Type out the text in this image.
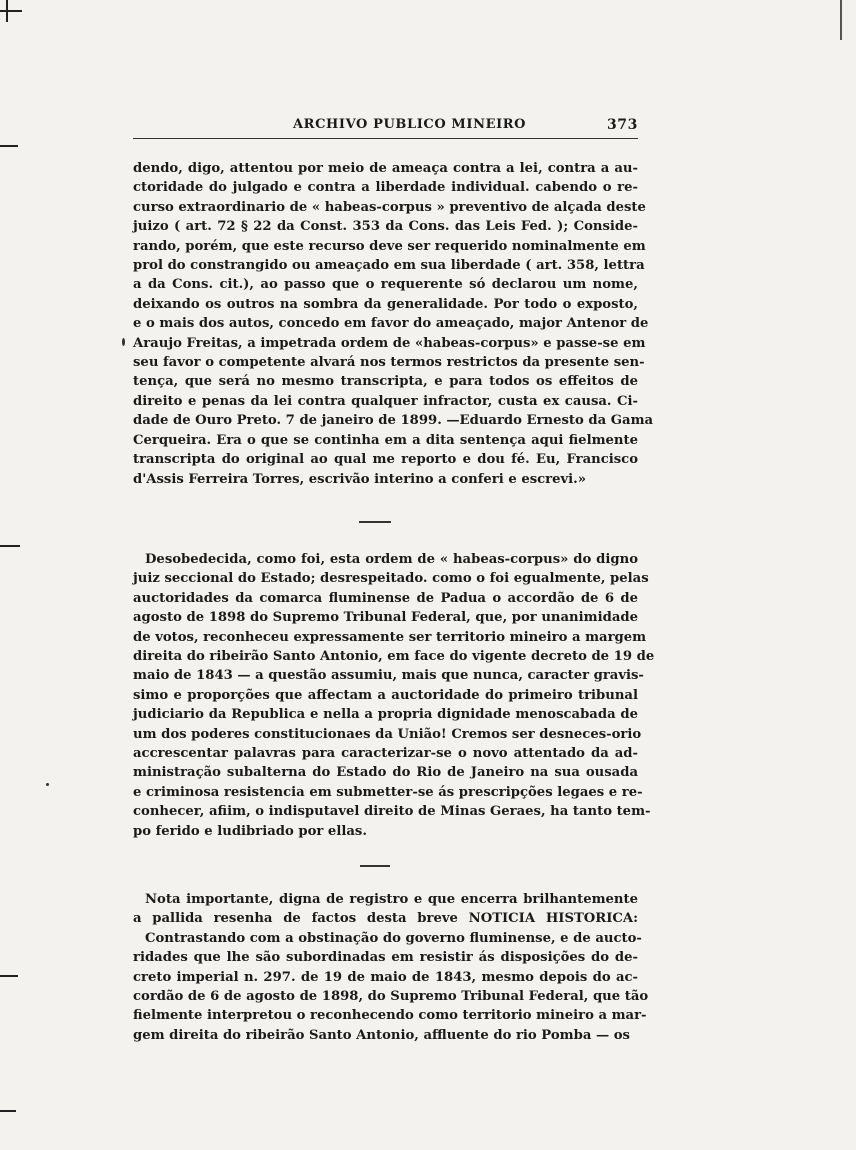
ARCHIVO PUBLICO MINEIRO	373
dendo, digo, attentou por meio de ameaça contra a lei, contra a au-
ctoridade do julgado e contra a liberdade individual. cabendo o re-
curso extraordinario de « habeas-corpus » preventivo de alçada deste
juizo ( art. 72 § 22 da Const. 353 da Cons. das Leis Fed. ); Conside-
rando, porém, que este recurso deve ser requerido nominalmente em
prol do constrangido ou ameaçado em sua liberdade ( art. 358, lettra
a da Cons. cit.), ao passo que o requerente só declarou um nome,
deixando os outros na sombra da generalidade. Por todo o exposto,
e o mais dos autos, concedo em favor do ameaçado, major Antenor de
Araujo Freitas, a impetrada ordem de «habeas-corpus» e passe-se em
seu favor o competente alvará nos termos restrictos da presente sen-
tença, que será no mesmo transcripta, e para todos os effeitos de
direito e penas da lei contra qualquer infractor, custa ex causa. Ci-
dade de Ouro Preto. 7 de janeiro de 1899. —Eduardo Ernesto da Gama
Cerqueira. Era o que se continha em a dita sentença aqui fielmente
transcripta do original ao qual me reporto e dou fé. Eu, Francisco
d'Assis Ferreira Torres, escrivão interino a conferi e escrevi.»
Desobedecida, como foi, esta ordem de « habeas-corpus» do digno
juiz seccional do Estado; desrespeitado. como o foi egualmente, pelas
auctoridades da comarca fluminense de Padua o accordão de 6 de
agosto de 1898 do Supremo Tribunal Federal, que, por unanimidade
de votos, reconheceu expressamente ser territorio mineiro a margem
direita do ribeirão Santo Antonio, em face do vigente decreto de 19 de
maio de 1843 — a questão assumiu, mais que nunca, caracter gravis-
simo e proporções que affectam a auctoridade do primeiro tribunal
judiciario da Republica e nella a propria dignidade menoscabada de
um dos poderes constitucionaes da União! Cremos ser desneces-orio
accrescentar palavras para caracterizar-se o novo attentado da ad-
ministração subalterna do Estado do Rio de Janeiro na sua ousada
e criminosa resistencia em submetter-se ás prescripções legaes e re-
conhecer, afiim, o indisputavel direito de Minas Geraes, ha tanto tem-
po ferido e ludibriado por ellas.
Nota importante, digna de registro e que encerra brilhantemente
a pallida resenha de factos desta breve NOTICIA HISTORICA:
Contrastando com a obstinação do governo fluminense, e de auctо-
ridades que lhe são subordinadas em resistir ás disposições do de-
creto imperial n. 297. de 19 de maio de 1843, mesmo depois do ac-
cordão de 6 de agosto de 1898, do Supremo Tribunal Federal, que tão
fielmente interpretou o reconhecendo como territorio mineiro a mar-
gem direita do ribeirão Santo Antonio, affluente do rio Pomba — os
